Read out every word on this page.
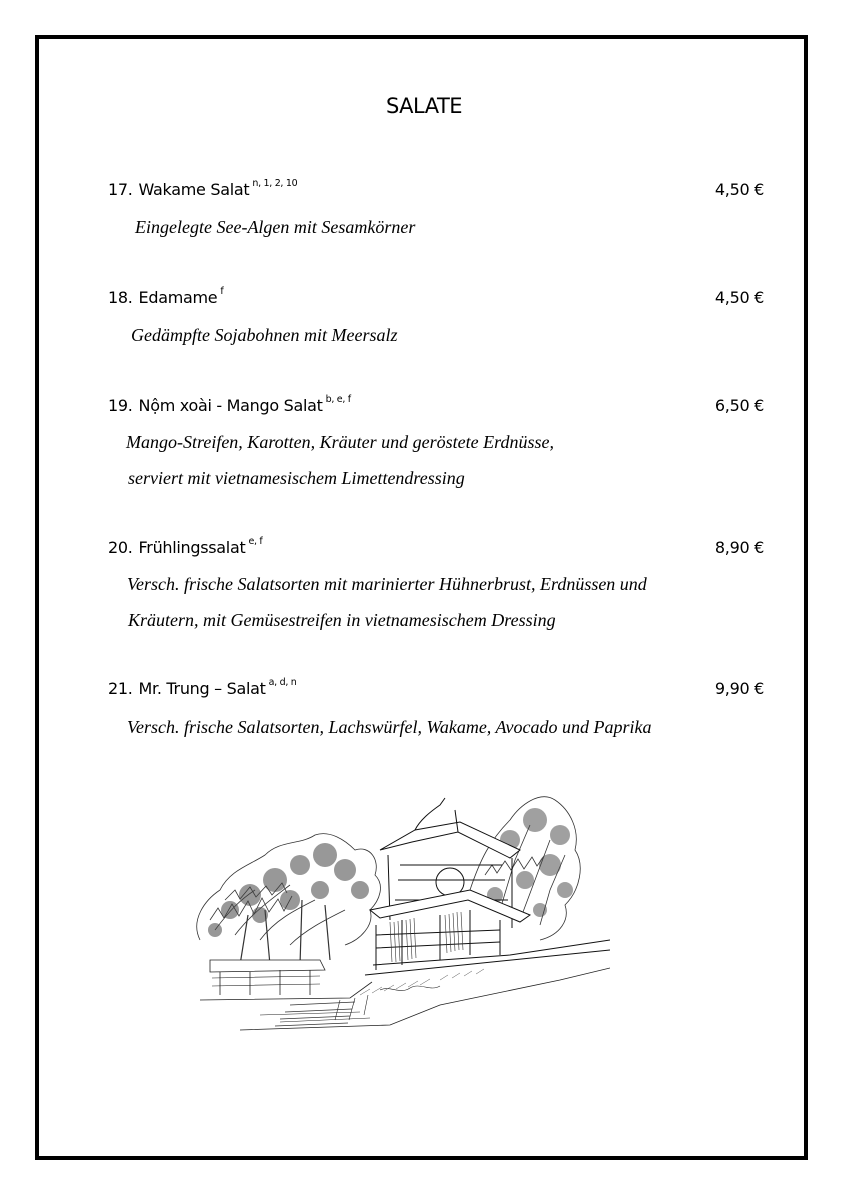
SALATE
17. Wakame Salat $^{n, 1, 2, 10}$	4,50 €
Eingelegte See-Algen mit Sesamkörner
18. Edamame $^f$	4,50 €
Gedämpfte Sojabohnen mit Meersalz
19. Nộm xoài - Mango Salat $^{b, e, f}$	6,50 €
Mango-Streifen, Karotten, Kräuter und geröstete Erdnüsse,
serviert mit vietnamesischem Limettendressing
20. Frühlingssalat $^{e, f}$	8,90 €
Versch. frische Salatsorten mit marinierter Hühnerbrust, Erdnüssen und
Kräutern, mit Gemüsestreifen in vietnamesischem Dressing
21. Mr. Trung – Salat $^{a, d, n}$	9,90 €
Versch. frische Salatsorten, Lachswürfel, Wakame, Avocado und Paprika
